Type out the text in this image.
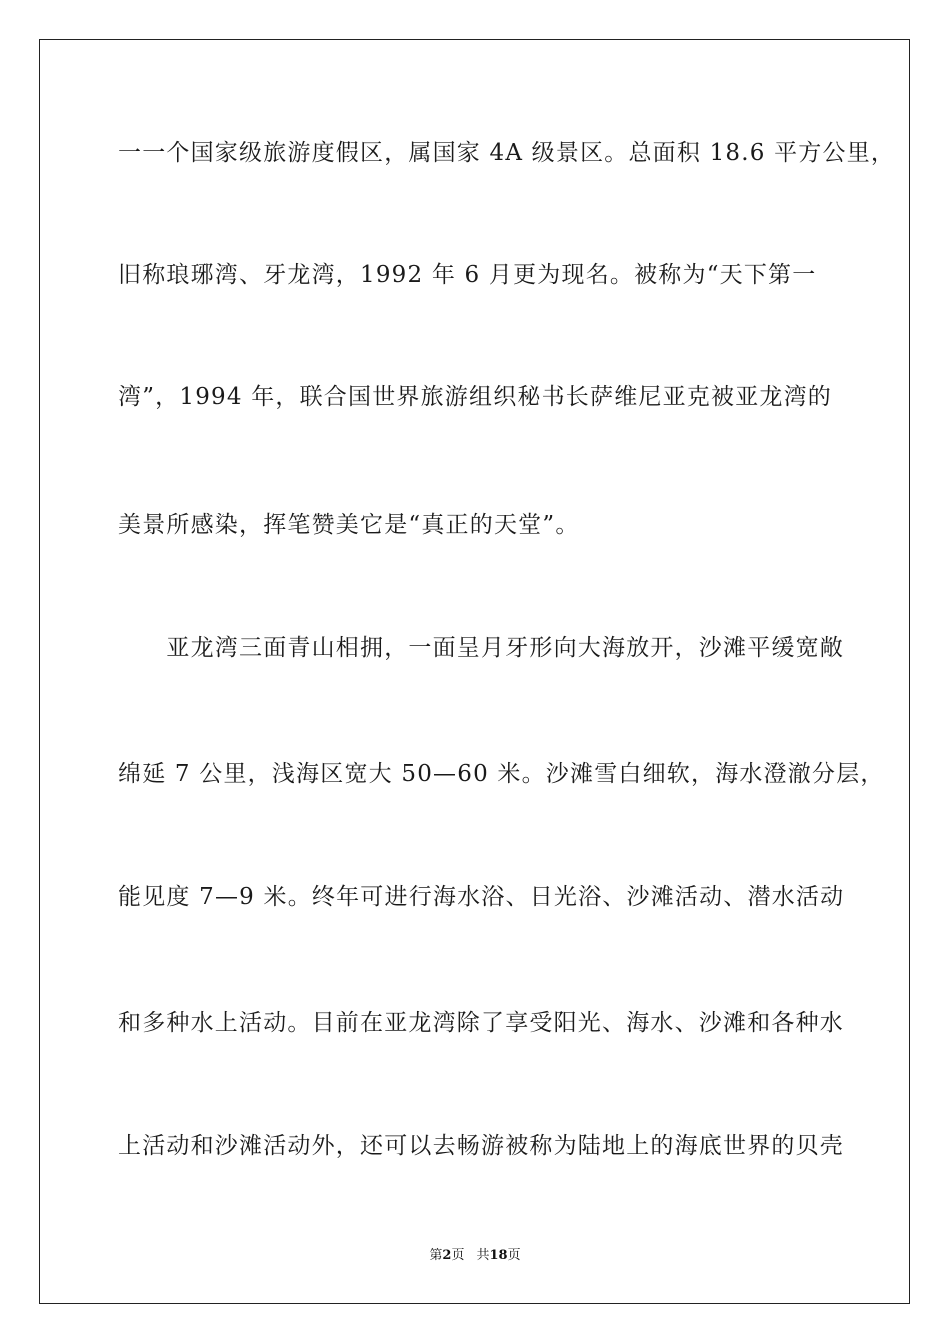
一一个国家级旅游度假区，属国家 4A 级景区。总面积 18.6 平方公里，
旧称琅琊湾、牙龙湾，1992 年 6 月更为现名。被称为“天下第一
湾”，1994 年，联合国世界旅游组织秘书长萨维尼亚克被亚龙湾的
美景所感染，挥笔赞美它是“真正的天堂”。
　　亚龙湾三面青山相拥，一面呈月牙形向大海放开，沙滩平缓宽敞
绵延 7 公里，浅海区宽大 50—60 米。沙滩雪白细软，海水澄澈分层，
能见度 7—9 米。终年可进行海水浴、日光浴、沙滩活动、潜水活动
和多种水上活动。目前在亚龙湾除了享受阳光、海水、沙滩和各种水
上活动和沙滩活动外，还可以去畅游被称为陆地上的海底世界的贝壳
第2页 共18页
